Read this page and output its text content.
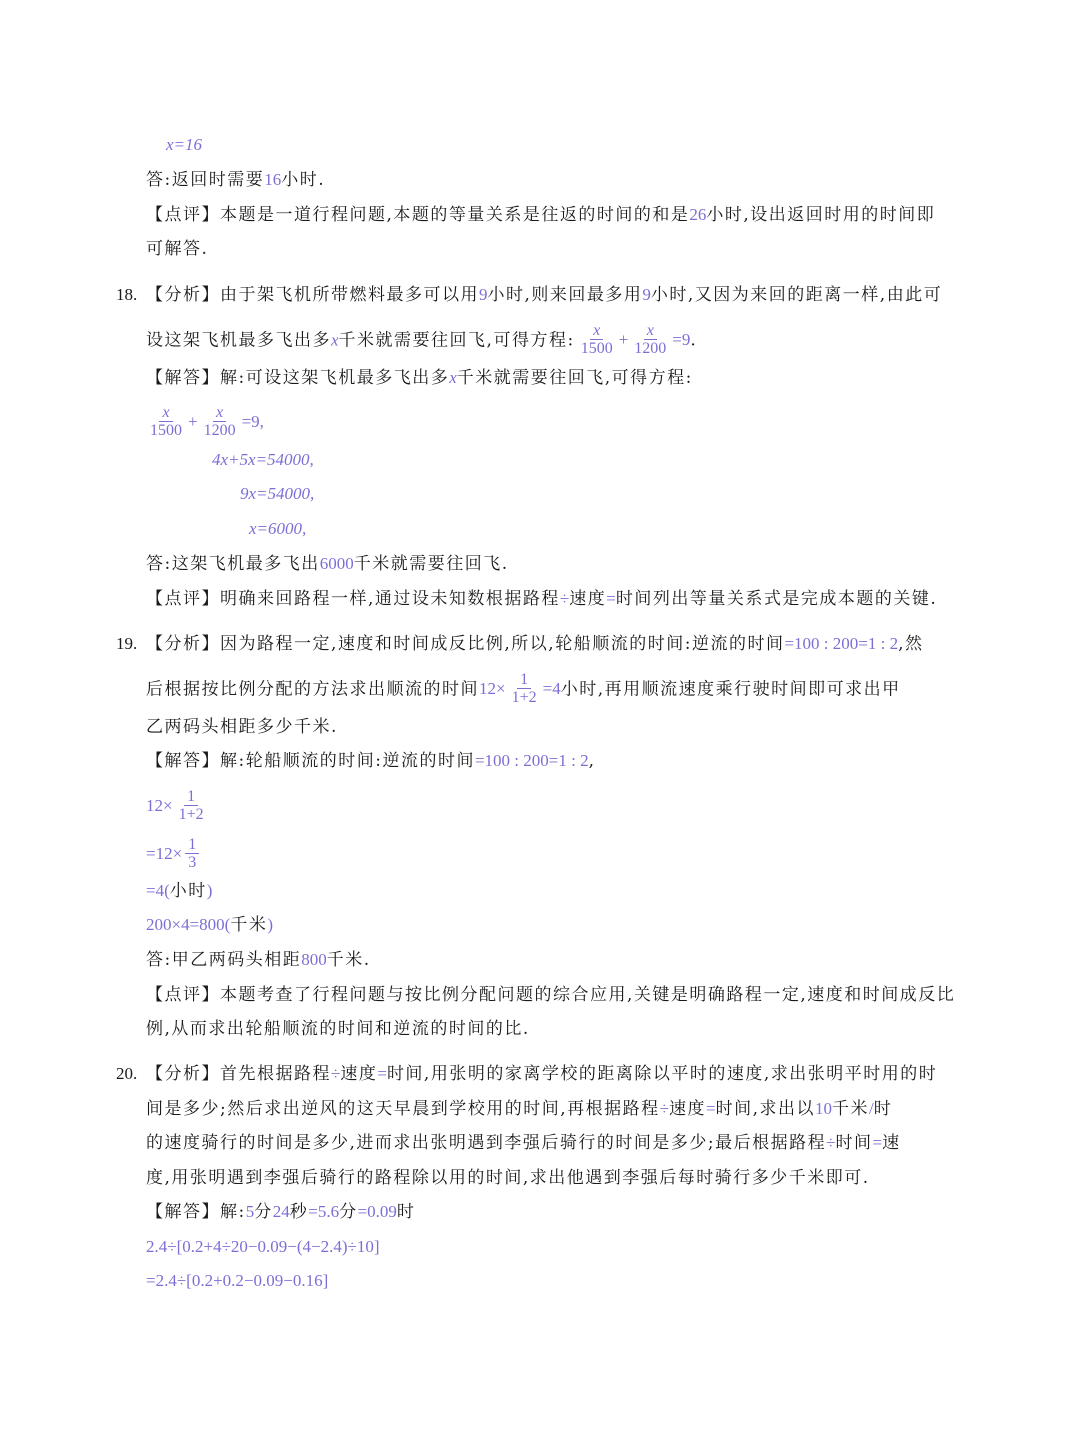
x=16
答:返回时需要16小时.
【点评】本题是一道行程问题,本题的等量关系是往返的时间的和是26小时,设出返回时用的时间即
可解答.
18. 【分析】由于架飞机所带燃料最多可以用9小时,则来回最多用9小时,又因为来回的距离一样,由此可
设这架飞机最多飞出多x千米就需要往回飞,可得方程: $\frac{x}{1500} + \frac{x}{1200} =9$.
【解答】解:可设这架飞机最多飞出多x千米就需要往回飞,可得方程:
$\frac{x}{1500} + \frac{x}{1200} =9$,
4x+5x=54000,
9x=54000,
x=6000,
答:这架飞机最多飞出6000千米就需要往回飞.
【点评】明确来回路程一样,通过设未知数根据路程÷速度=时间列出等量关系式是完成本题的关键.
19. 【分析】因为路程一定,速度和时间成反比例,所以,轮船顺流的时间:逆流的时间=100 : 200=1 : 2,然
后根据按比例分配的方法求出顺流的时间$12\times \frac{1}{1+2} =4$小时,再用顺流速度乘行驶时间即可求出甲
乙两码头相距多少千米.
【解答】解:轮船顺流的时间:逆流的时间=100 : 200=1 : 2,
$12\times \frac{1}{1+2}$
$=12\times \frac{1}{3}$
=4(小时)
200×4=800(千米)
答:甲乙两码头相距800千米.
【点评】本题考查了行程问题与按比例分配问题的综合应用,关键是明确路程一定,速度和时间成反比
例,从而求出轮船顺流的时间和逆流的时间的比.
20. 【分析】首先根据路程÷速度=时间,用张明的家离学校的距离除以平时的速度,求出张明平时用的时
间是多少;然后求出逆风的这天早晨到学校用的时间,再根据路程÷速度=时间,求出以10千米/时
的速度骑行的时间是多少,进而求出张明遇到李强后骑行的时间是多少;最后根据路程÷时间=速
度,用张明遇到李强后骑行的路程除以用的时间,求出他遇到李强后每时骑行多少千米即可.
【解答】解:5分24秒=5.6分=0.09时
2.4÷[0.2+4÷20−0.09−(4−2.4)÷10]
=2.4÷[0.2+0.2−0.09−0.16]
